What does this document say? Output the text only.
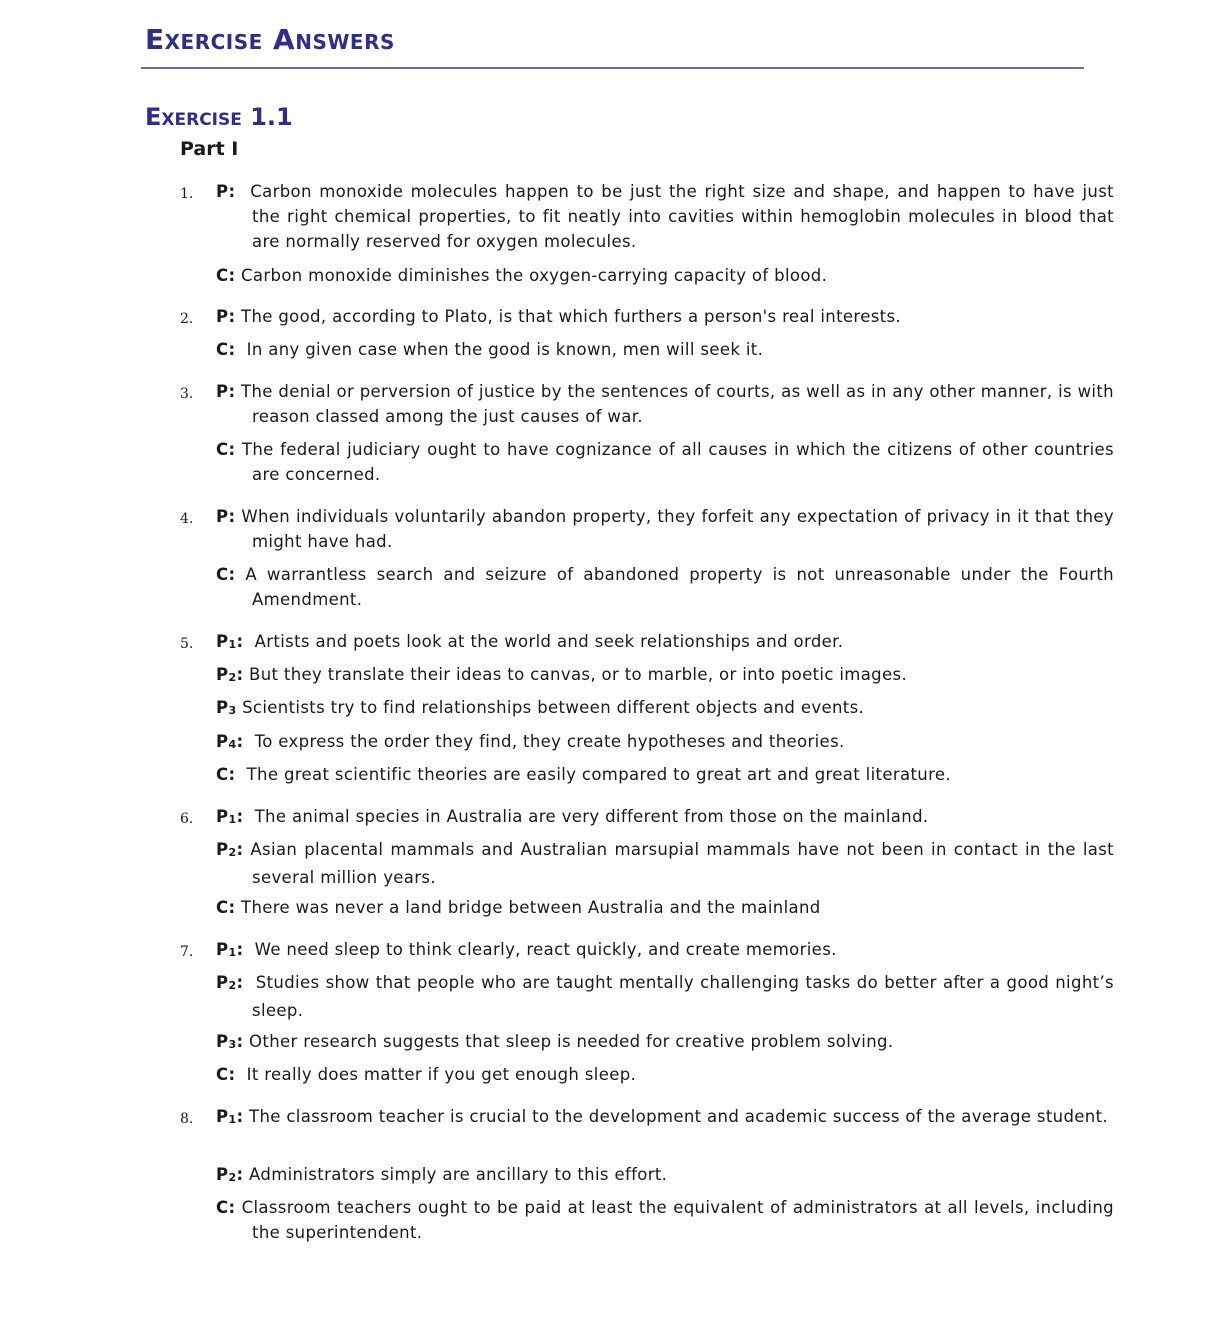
Exercise Answers
Exercise 1.1
Part I
1. P: Carbon monoxide molecules happen to be just the right size and shape, and happen to have just the right chemical properties, to fit neatly into cavities within hemoglobin molecules in blood that are normally reserved for oxygen molecules.

C: Carbon monoxide diminishes the oxygen-carrying capacity of blood.

2. P: The good, according to Plato, is that which furthers a person's real interests.

C: In any given case when the good is known, men will seek it.

3. P: The denial or perversion of justice by the sentences of courts, as well as in any other manner, is with reason classed among the just causes of war.

C: The federal judiciary ought to have cognizance of all causes in which the citizens of other countries are concerned.

4. P: When individuals voluntarily abandon property, they forfeit any expectation of privacy in it that they might have had.

C: A warrantless search and seizure of abandoned property is not unreasonable under the Fourth Amendment.

5. $P_1$: Artists and poets look at the world and seek relationships and order.

$P_2$: But they translate their ideas to canvas, or to marble, or into poetic images.

$P_3$ Scientists try to find relationships between different objects and events.

$P_4$: To express the order they find, they create hypotheses and theories.

C: The great scientific theories are easily compared to great art and great literature.

6. $P_1$: The animal species in Australia are very different from those on the mainland.

$P_2$: Asian placental mammals and Australian marsupial mammals have not been in contact in the last several million years.

C: There was never a land bridge between Australia and the mainland

7. $P_1$: We need sleep to think clearly, react quickly, and create memories.

$P_2$: Studies show that people who are taught mentally challenging tasks do better after a good night’s sleep.

$P_3$: Other research suggests that sleep is needed for creative problem solving.

C: It really does matter if you get enough sleep.

8. $P_1$: The classroom teacher is crucial to the development and academic success of the average student.

$P_2$: Administrators simply are ancillary to this effort.

C: Classroom teachers ought to be paid at least the equivalent of administrators at all levels, including the superintendent.
